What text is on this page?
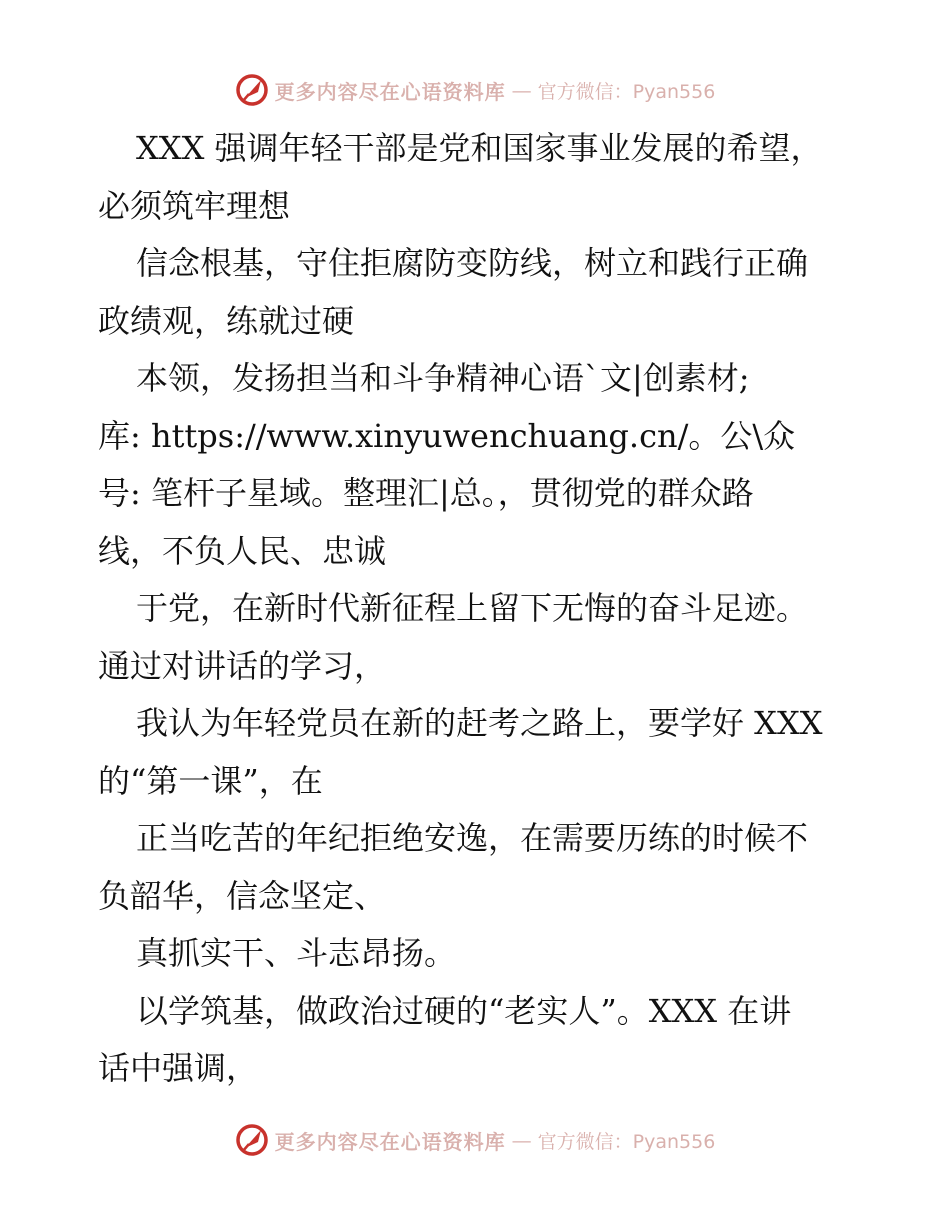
更多内容尽在心语资料库 — 官方微信：Pyan556
XXX 强调年轻干部是党和国家事业发展的希望，
必须筑牢理想
信念根基，守住拒腐防变防线，树立和践行正确
政绩观，练就过硬
本领，发扬担当和斗争精神心语`文|创素材;
库: https://www.xinyuwenchuang.cn/。公\众
号: 笔杆子星域。整理汇|总。，贯彻党的群众路
线，不负人民、忠诚
于党，在新时代新征程上留下无悔的奋斗足迹。
通过对讲话的学习，
我认为年轻党员在新的赶考之路上，要学好 XXX
的“第一课”，在
正当吃苦的年纪拒绝安逸，在需要历练的时候不
负韶华，信念坚定、
真抓实干、斗志昂扬。
以学筑基，做政治过硬的“老实人”。XXX 在讲
话中强调，
更多内容尽在心语资料库 — 官方微信：Pyan556
